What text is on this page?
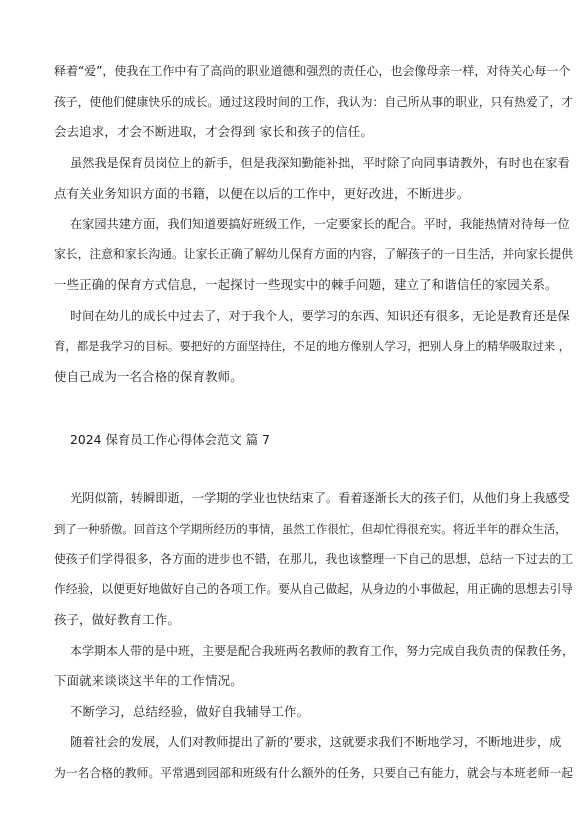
释着“爱”，使我在工作中有了高尚的职业道德和强烈的责任心，也会像母亲一样，对待关心每一个
孩子，使他们健康快乐的成长。通过这段时间的工作，我认为：自己所从事的职业，只有热爱了，才
会去追求，才会不断进取，才会得到 家长和孩子的信任。
虽然我是保育员岗位上的新手，但是我深知勤能补拙，平时除了向同事请教外，有时也在家看
点有关业务知识方面的书籍，以便在以后的工作中，更好改进，不断进步。
在家园共建方面，我们知道要搞好班级工作，一定要家长的配合。平时，我能热情对待每一位
家长，注意和家长沟通。让家长正确了解幼儿保育方面的内容，了解孩子的一日生活，并向家长提供
一些正确的保育方式信息，一起探讨一些现实中的棘手问题，建立了和谐信任的家园关系。
时间在幼儿的成长中过去了，对于我个人，要学习的东西、知识还有很多，无论是教育还是保
育，都是我学习的目标。要把好的方面坚持住，不足的地方像别人学习，把别人身上的精华吸取过来 ，
使自己成为一名合格的保育教师。
2024 保育员工作心得体会范文 篇 7
光阴似箭，转瞬即逝，一学期的学业也快结束了。看着逐渐长大的孩子们，从他们身上我感受
到了一种骄傲。回首这个学期所经历的事情，虽然工作很忙，但却忙得很充实。将近半年的群众生活，
使孩子们学得很多，各方面的进步也不错，在那儿，我也该整理一下自己的思想，总结一下过去的工
作经验，以便更好地做好自己的各项工作。要从自己做起，从身边的小事做起，用正确的思想去引导
孩子，做好教育工作。
本学期本人带的是中班，主要是配合我班两名教师的教育工作，努力完成自我负责的保教任务，
下面就来谈谈这半年的工作情况。
不断学习，总结经验，做好自我辅导工作。
随着社会的发展，人们对教师提出了新的’要求，这就要求我们不断地学习，不断地进步，成
为一名合格的教师。平常遇到园部和班级有什么额外的任务，只要自己有能力，就会与本班老师一起
